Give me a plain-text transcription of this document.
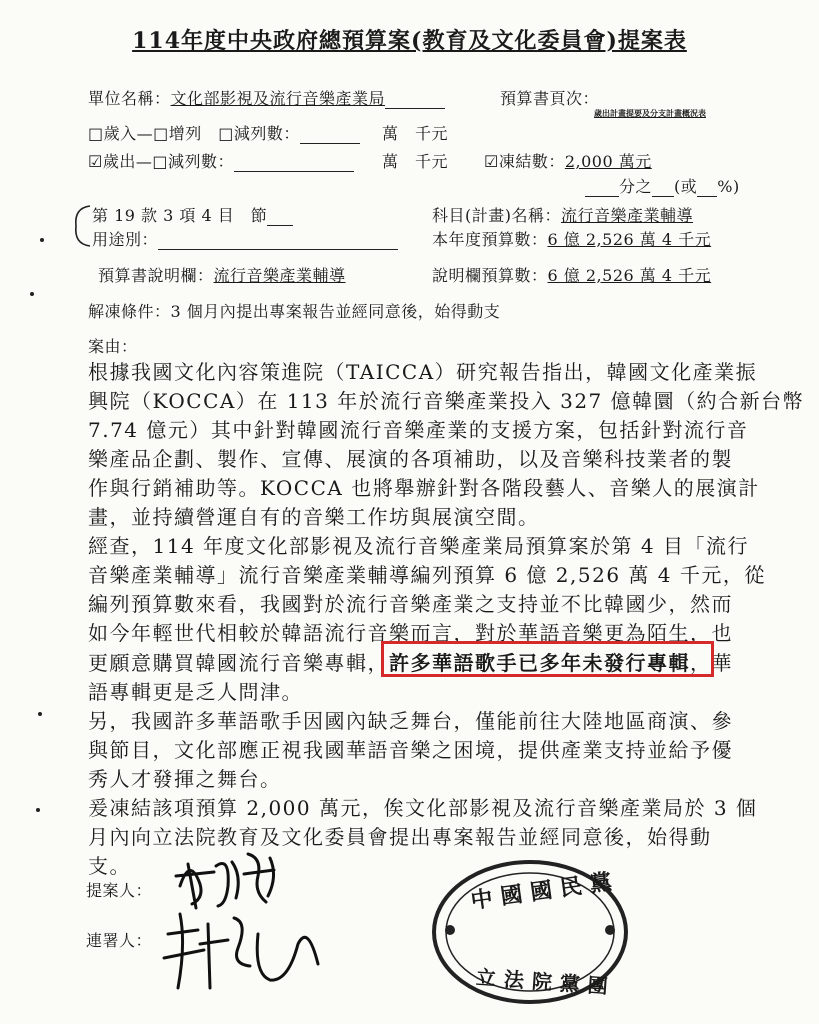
114年度中央政府總預算案(教育及文化委員會)提案表
單位名稱：文化部影視及流行音樂產業局	預算書頁次：
歲出計畫提要及分支計畫概況表
□歲入—□增列　□減列數：	萬　千元
☑歲出—□減列數：	萬　千元 ☑凍結數：2,000 萬元
分之 (或 %)
第 19 款 3 項 4 目　節
用途別：
科目(計畫)名稱：流行音樂產業輔導
本年度預算數：6 億 2,526 萬 4 千元
預算書說明欄：流行音樂產業輔導	說明欄預算數：6 億 2,526 萬 4 千元
解凍條件：3 個月內提出專案報告並經同意後，始得動支
案由：
根據我國文化內容策進院（TAICCA）研究報告指出，韓國文化產業振
興院（KOCCA）在 113 年於流行音樂產業投入 327 億韓圜（約合新台幣
7.74 億元）其中針對韓國流行音樂產業的支援方案，包括針對流行音
樂產品企劃、製作、宣傳、展演的各項補助，以及音樂科技業者的製
作與行銷補助等。KOCCA 也將舉辦針對各階段藝人、音樂人的展演計
畫，並持續營運自有的音樂工作坊與展演空間。
經查，114 年度文化部影視及流行音樂產業局預算案於第 4 目「流行
音樂產業輔導」流行音樂產業輔導編列預算 6 億 2,526 萬 4 千元，從
編列預算數來看，我國對於流行音樂產業之支持並不比韓國少，然而
如今年輕世代相較於韓語流行音樂而言，對於華語音樂更為陌生，也
更願意購買韓國流行音樂專輯，許多華語歌手已多年未發行專輯，華
語專輯更是乏人問津。
另，我國許多華語歌手因國內缺乏舞台，僅能前往大陸地區商演、參
與節目，文化部應正視我國華語音樂之困境，提供產業支持並給予優
秀人才發揮之舞台。
爰凍結該項預算 2,000 萬元，俟文化部影視及流行音樂產業局於 3 個
月內向立法院教育及文化委員會提出專案報告並經同意後，始得動
支。
提案人：
連署人：
中國國民黨
立法院黨團
